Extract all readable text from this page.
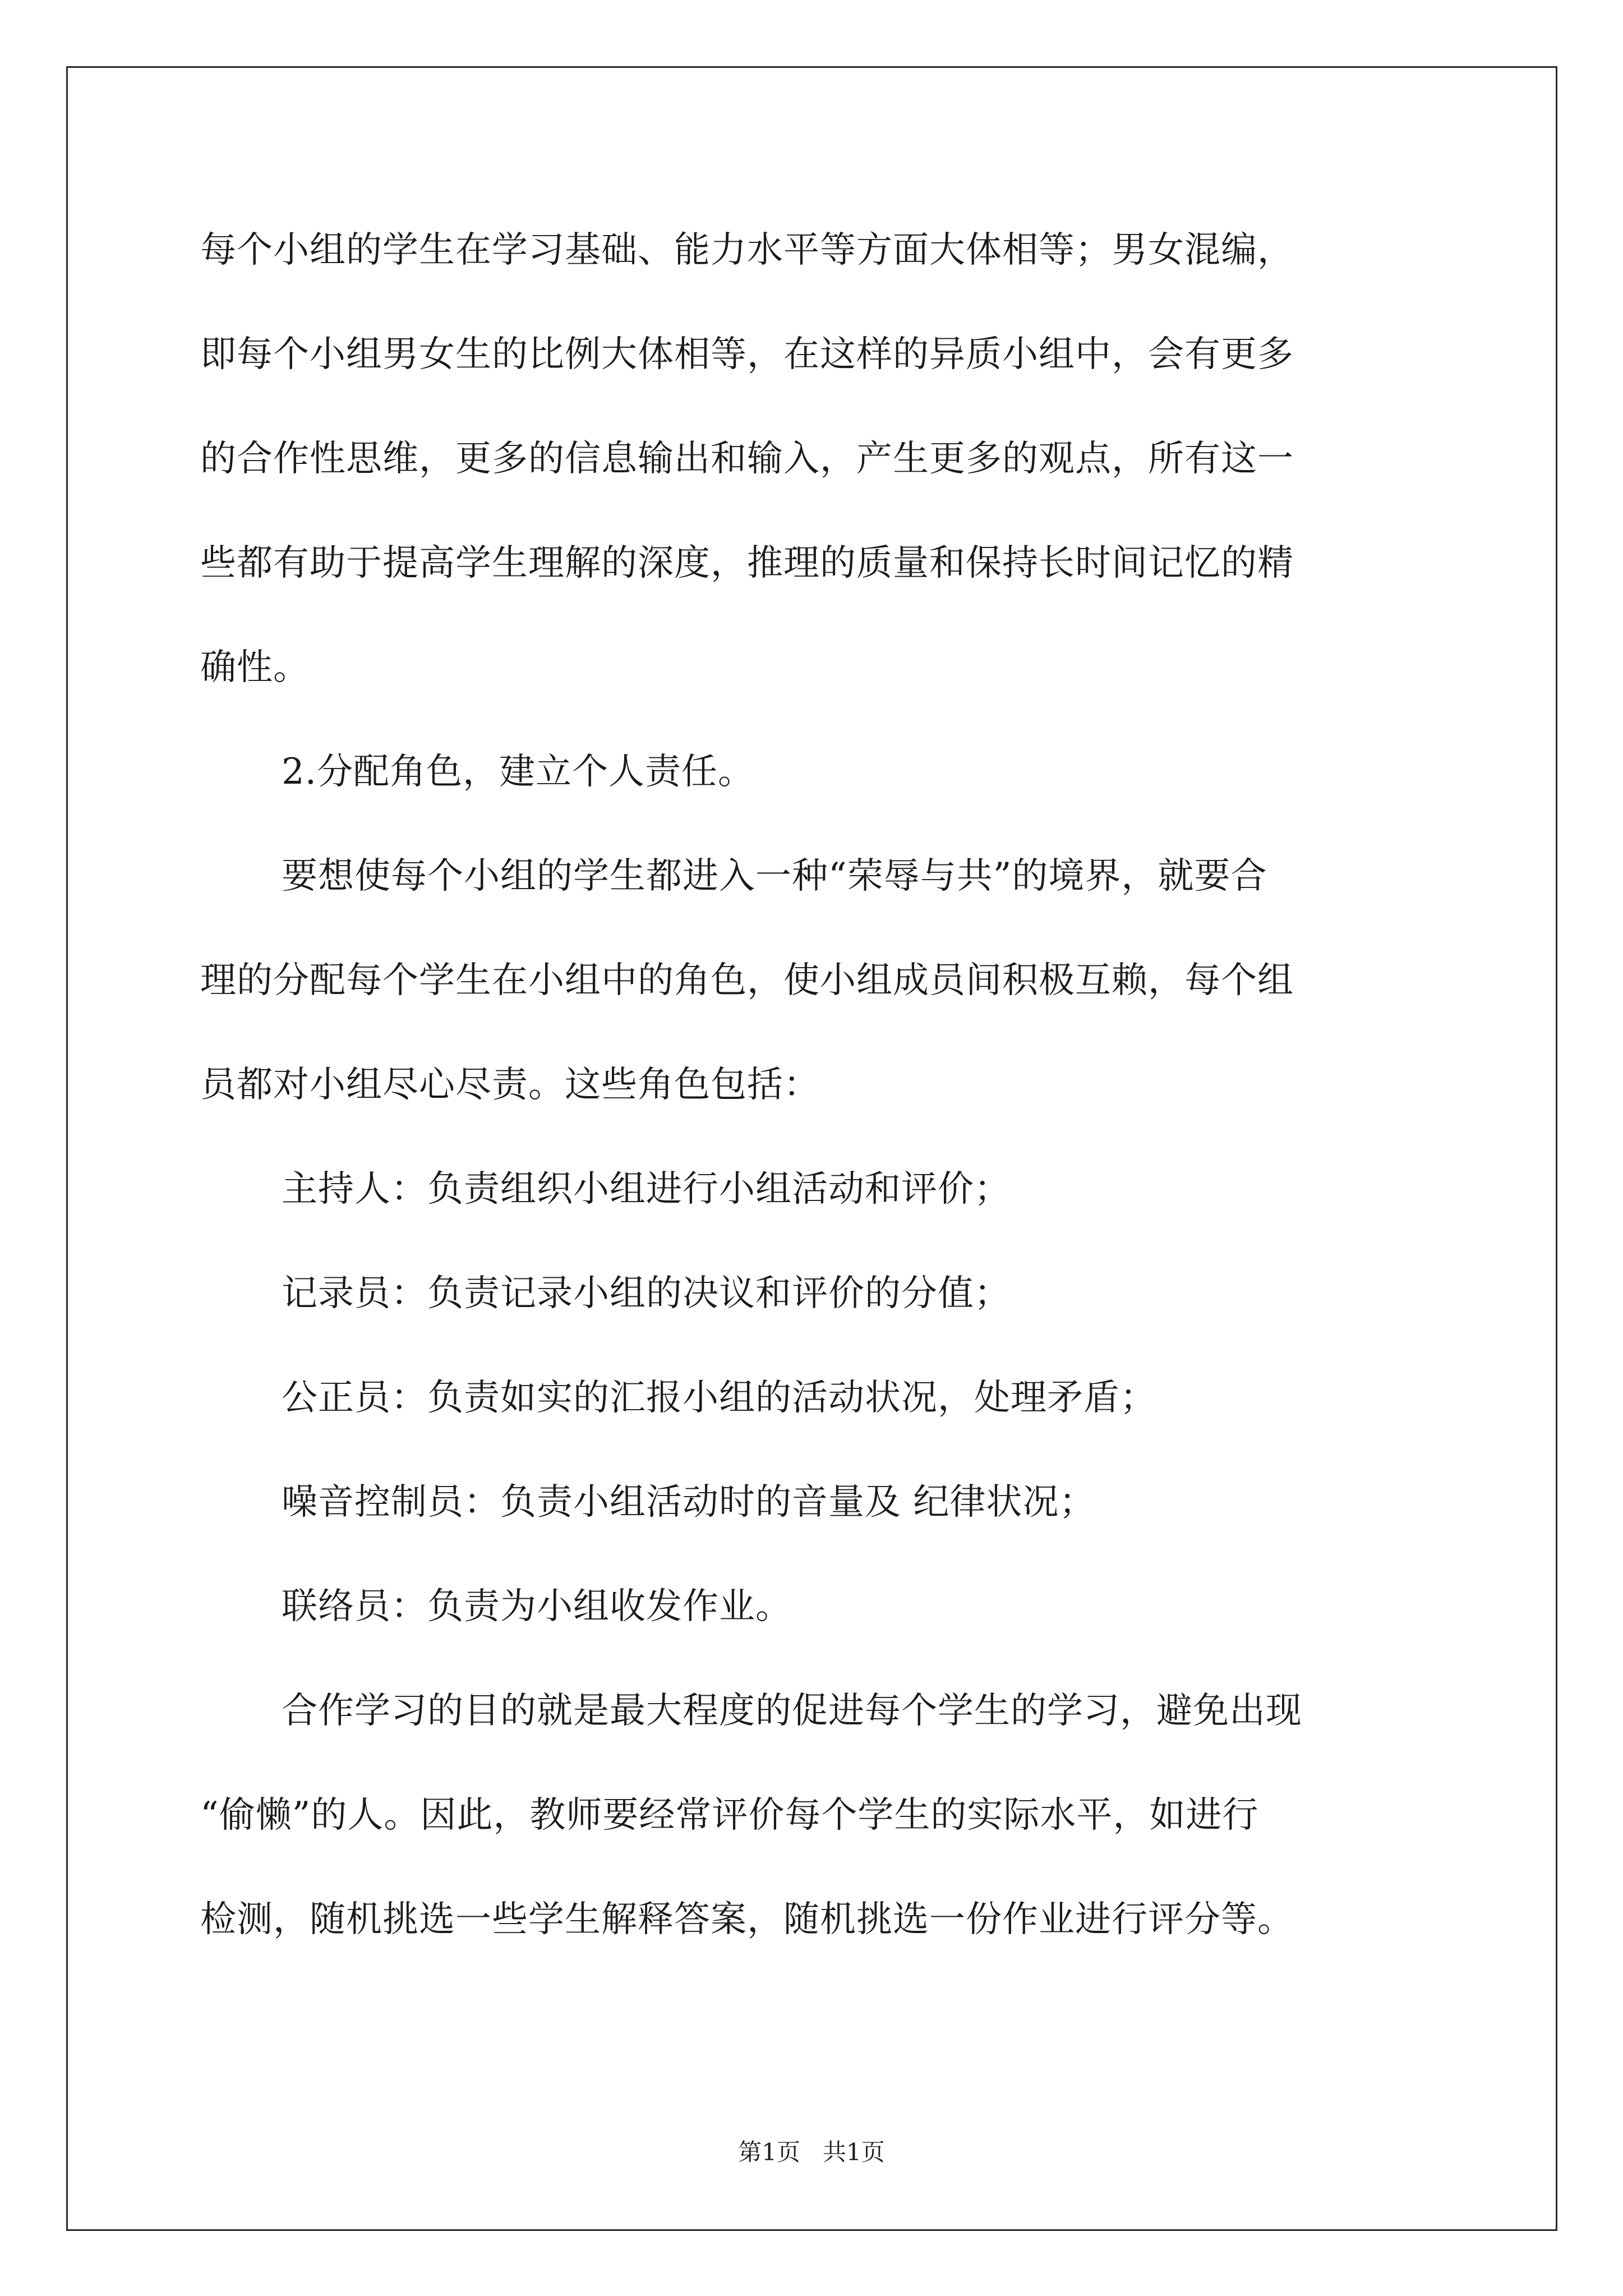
每个小组的学生在学习基础、能力水平等方面大体相等；男女混编，
即每个小组男女生的比例大体相等，在这样的异质小组中，会有更多
的合作性思维，更多的信息输出和输入，产生更多的观点，所有这一
些都有助于提高学生理解的深度，推理的质量和保持长时间记忆的精
确性。

2.分配角色，建立个人责任。

要想使每个小组的学生都进入一种“荣辱与共”的境界，就要合
理的分配每个学生在小组中的角色，使小组成员间积极互赖，每个组
员都对小组尽心尽责。这些角色包括：

主持人：负责组织小组进行小组活动和评价；

记录员：负责记录小组的决议和评价的分值；

公正员：负责如实的汇报小组的活动状况，处理矛盾；

噪音控制员：负责小组活动时的音量及 纪律状况；

联络员：负责为小组收发作业。

合作学习的目的就是最大程度的促进每个学生的学习，避免出现
“偷懒”的人。因此，教师要经常评价每个学生的实际水平，如进行
检测，随机挑选一些学生解释答案，随机挑选一份作业进行评分等。

第1页   共1页
